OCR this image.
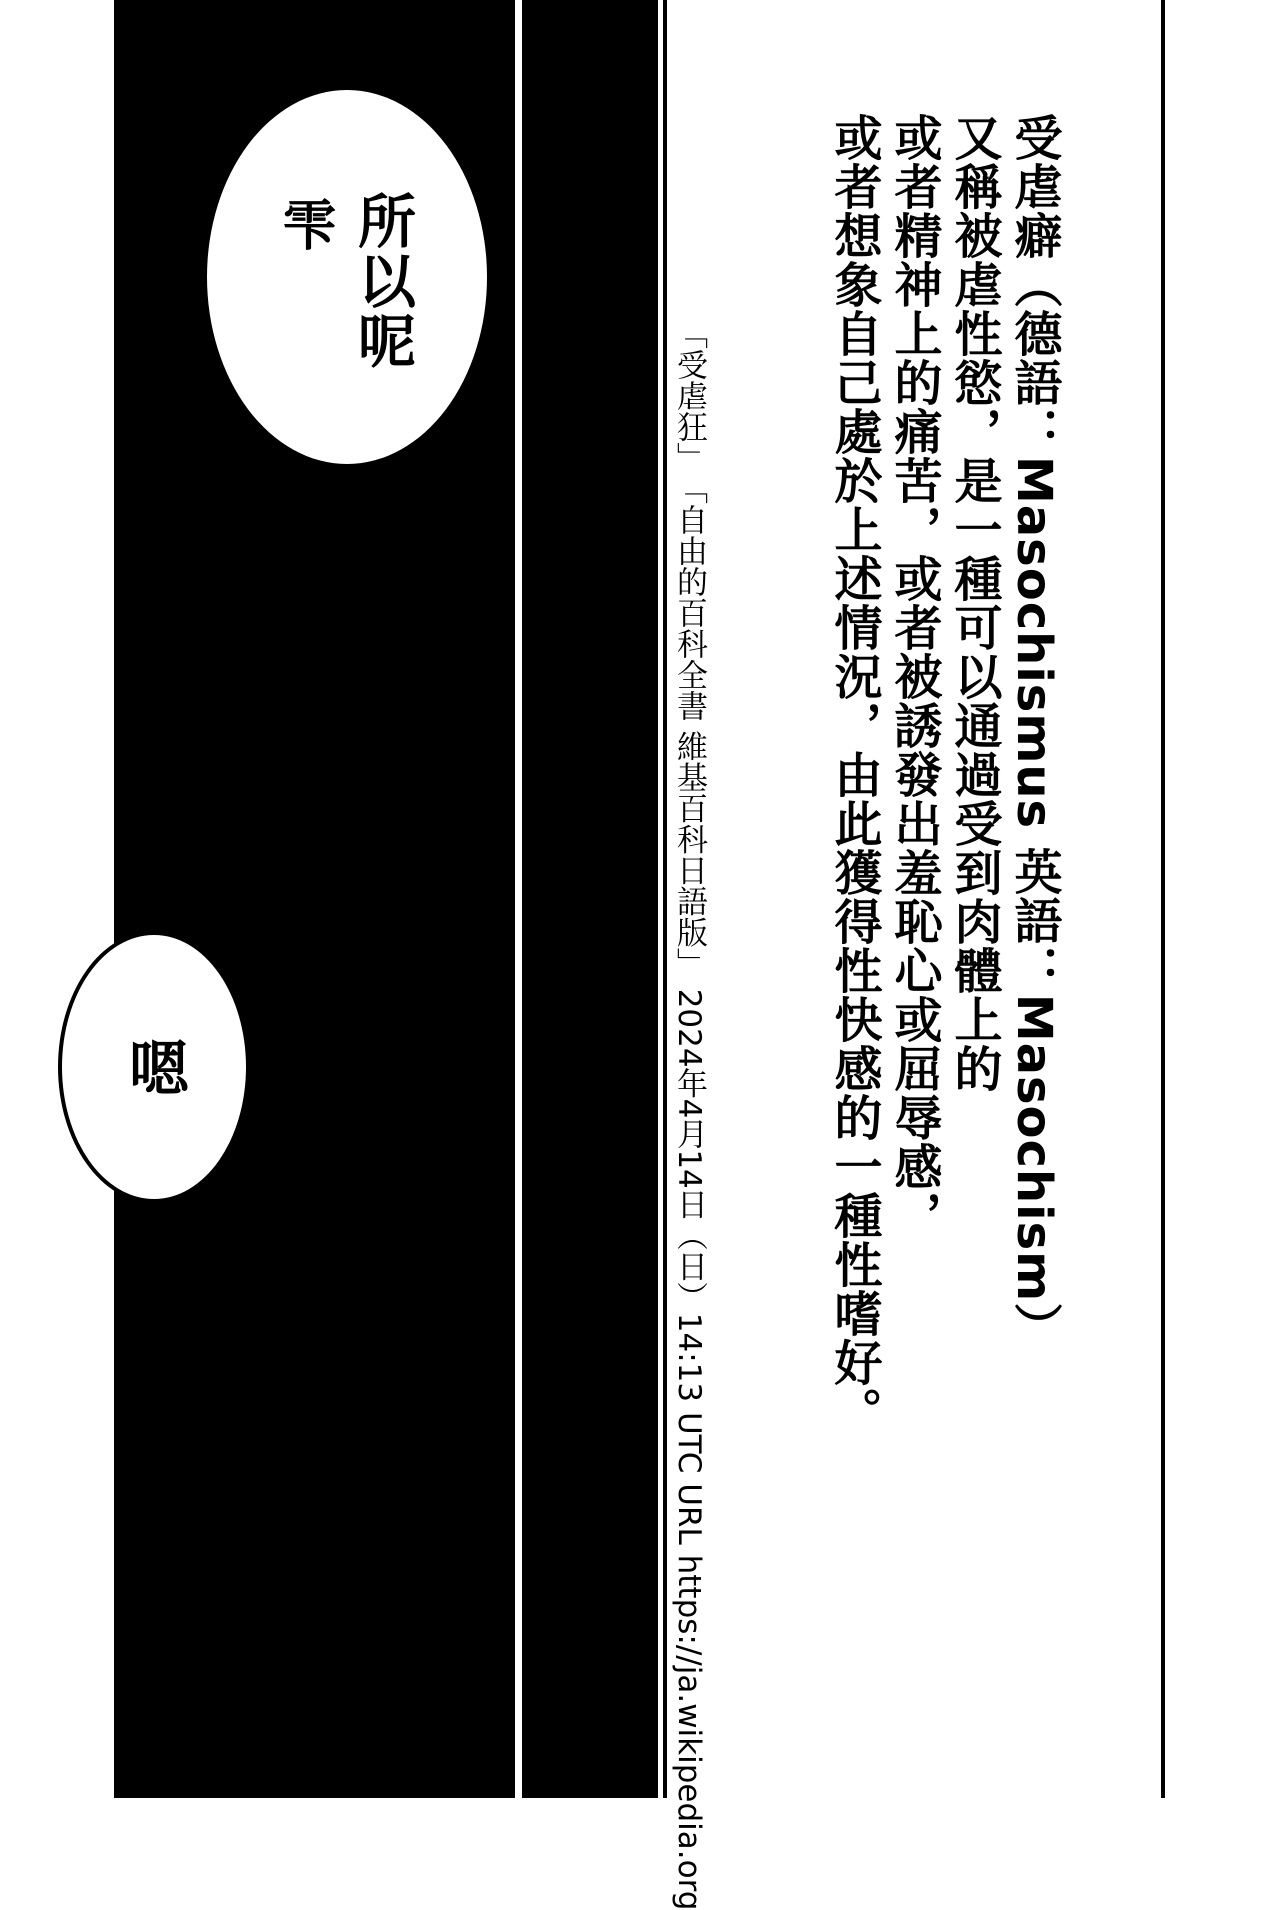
嗯
所以呢
雫	受虐癖（德語：Masochismus 英語：Masochism）
又稱被虐性慾，是一種可以通過受到肉體上的
或者精神上的痛苦，或者被誘發出羞恥心或屈辱感，
或者想象自己處於上述情況，由此獲得性快感的一種性嗜好。
「受虐狂」　「自由的百科全書 維基百科日語版」 2024年4月14日（日）14:13 UTC URL https://ja.wikipedia.org
